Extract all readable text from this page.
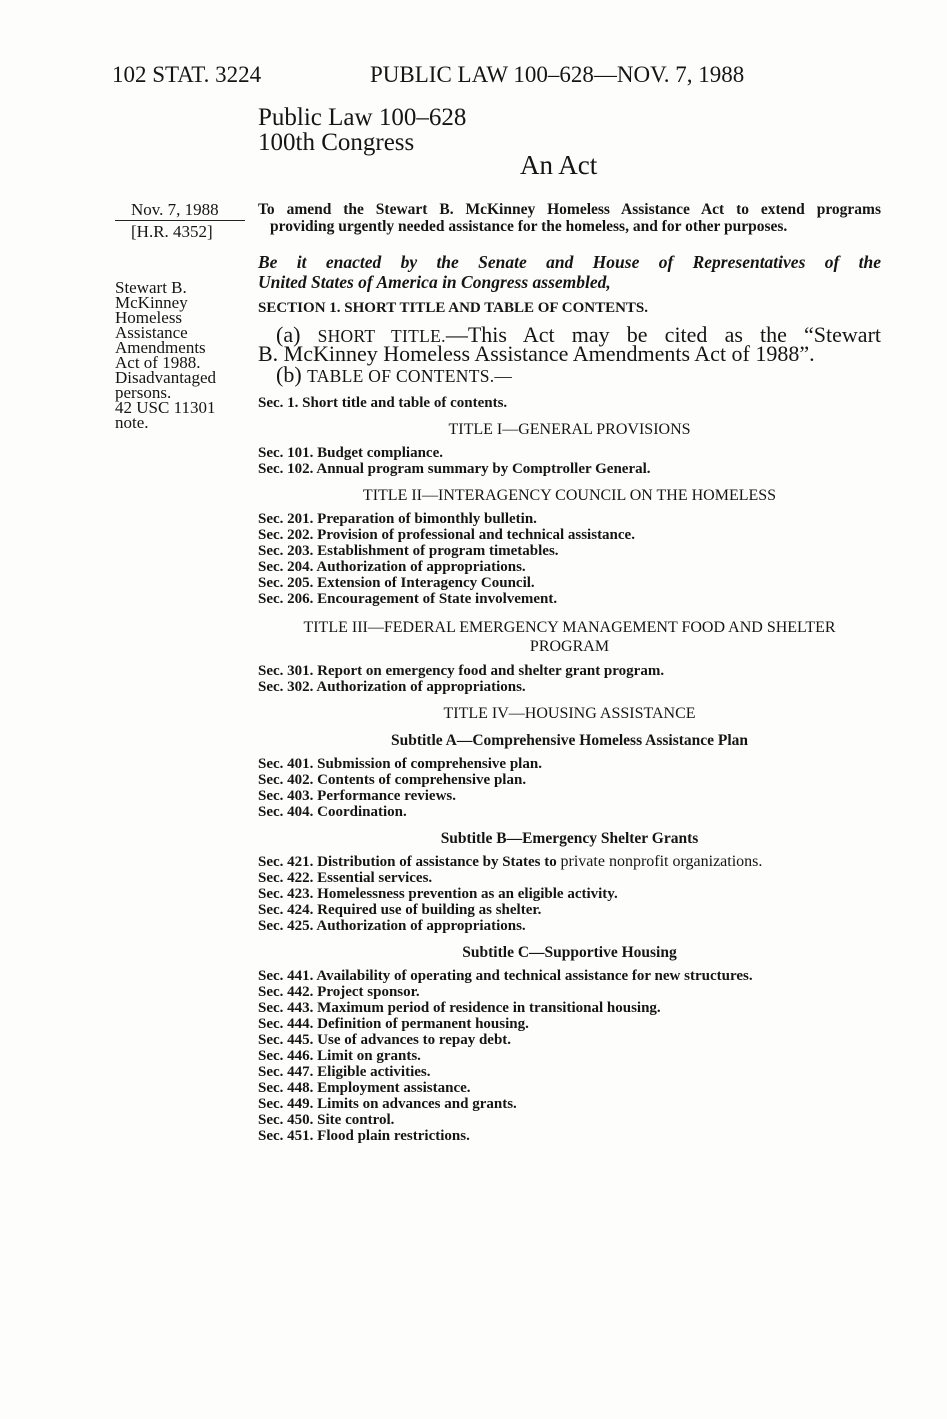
102 STAT. 3224	PUBLIC LAW 100–628—NOV. 7, 1988
Public Law 100–628
100th Congress
An Act
Nov. 7, 1988
[H.R. 4352]
Stewart B.
McKinney
Homeless
Assistance
Amendments
Act of 1988.
Disadvantaged
persons.
42 USC 11301
note.
To amend the Stewart B. McKinney Homeless Assistance Act to extend programs
providing urgently needed assistance for the homeless, and for other purposes.
Be it enacted by the Senate and House of Representatives of the
United States of America in Congress assembled,
SECTION 1. SHORT TITLE AND TABLE OF CONTENTS.
(a) SHORT TITLE.—This Act may be cited as the “Stewart
B. McKinney Homeless Assistance Amendments Act of 1988”.
(b) TABLE OF CONTENTS.—
Sec. 1. Short title and table of contents.
TITLE I—GENERAL PROVISIONS
Sec. 101. Budget compliance.
Sec. 102. Annual program summary by Comptroller General.
TITLE II—INTERAGENCY COUNCIL ON THE HOMELESS
Sec. 201. Preparation of bimonthly bulletin.
Sec. 202. Provision of professional and technical assistance.
Sec. 203. Establishment of program timetables.
Sec. 204. Authorization of appropriations.
Sec. 205. Extension of Interagency Council.
Sec. 206. Encouragement of State involvement.
TITLE III—FEDERAL EMERGENCY MANAGEMENT FOOD AND SHELTER
PROGRAM
Sec. 301. Report on emergency food and shelter grant program.
Sec. 302. Authorization of appropriations.
TITLE IV—HOUSING ASSISTANCE
Subtitle A—Comprehensive Homeless Assistance Plan
Sec. 401. Submission of comprehensive plan.
Sec. 402. Contents of comprehensive plan.
Sec. 403. Performance reviews.
Sec. 404. Coordination.
Subtitle B—Emergency Shelter Grants
Sec. 421. Distribution of assistance by States to private nonprofit organizations.
Sec. 422. Essential services.
Sec. 423. Homelessness prevention as an eligible activity.
Sec. 424. Required use of building as shelter.
Sec. 425. Authorization of appropriations.
Subtitle C—Supportive Housing
Sec. 441. Availability of operating and technical assistance for new structures.
Sec. 442. Project sponsor.
Sec. 443. Maximum period of residence in transitional housing.
Sec. 444. Definition of permanent housing.
Sec. 445. Use of advances to repay debt.
Sec. 446. Limit on grants.
Sec. 447. Eligible activities.
Sec. 448. Employment assistance.
Sec. 449. Limits on advances and grants.
Sec. 450. Site control.
Sec. 451. Flood plain restrictions.
